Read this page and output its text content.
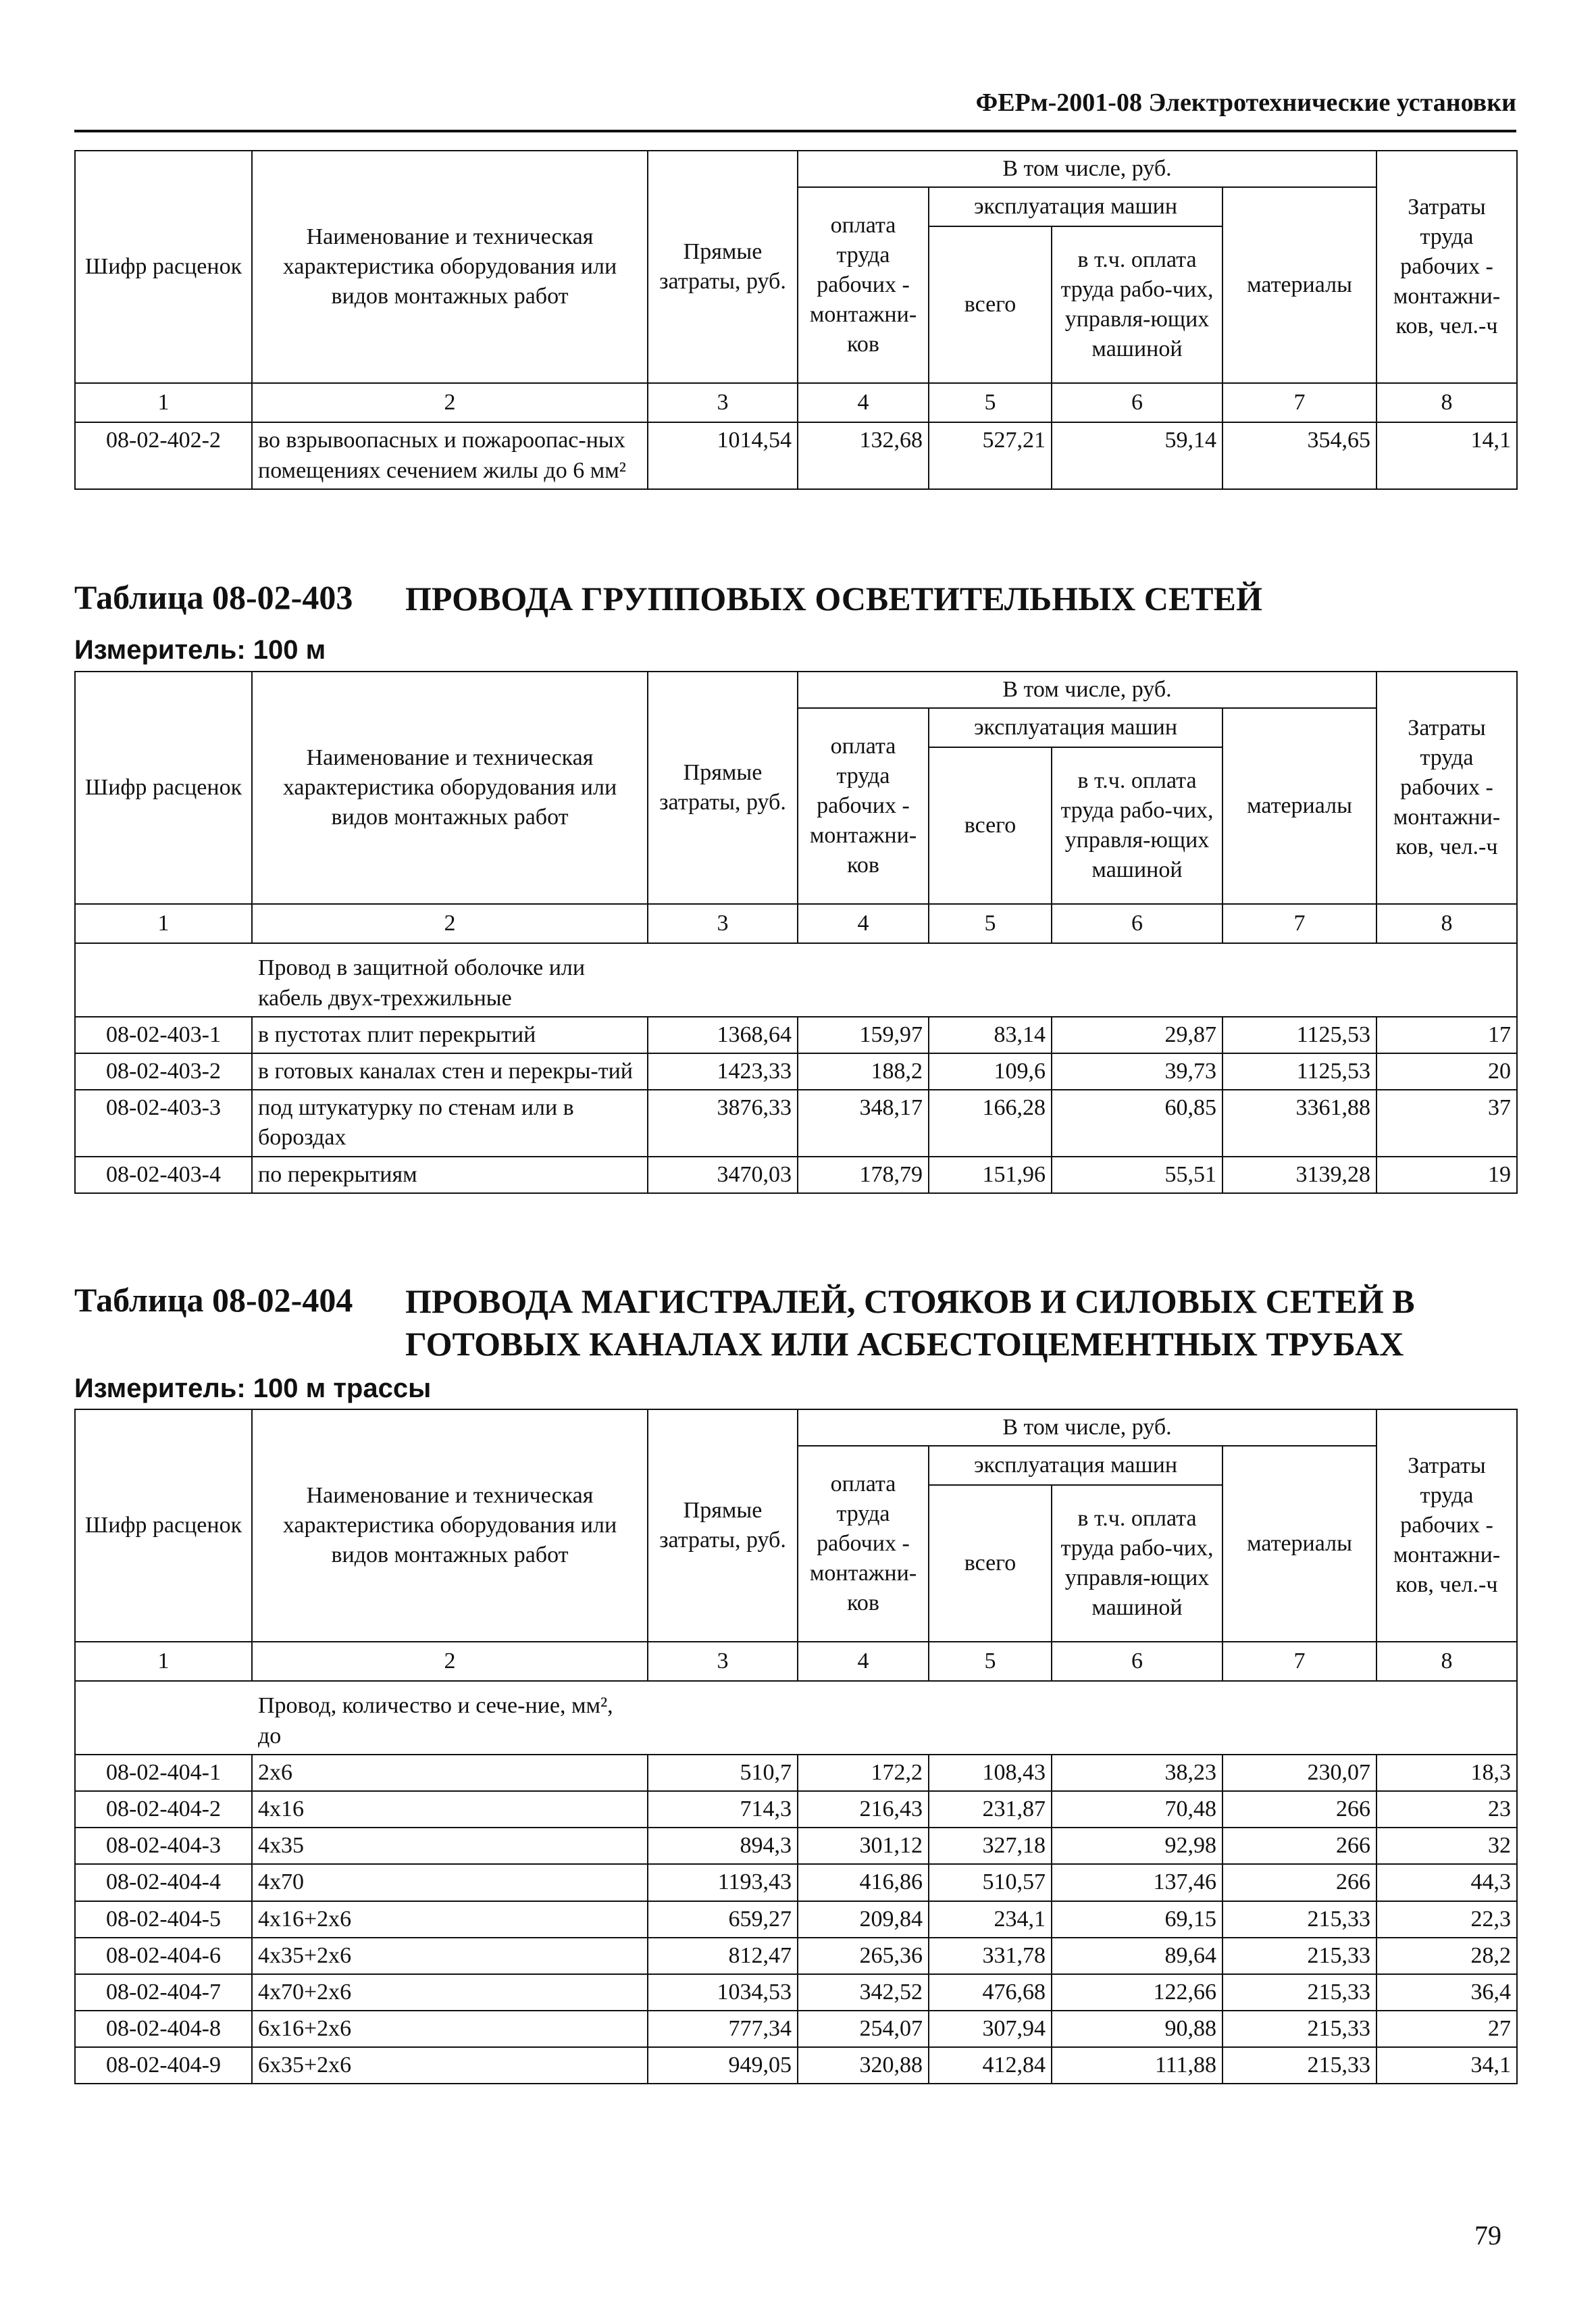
ФЕРм-2001-08 Электротехнические установки
Шифр расценок	Наименование и техническая характеристика оборудования или видов монтажных работ	Прямые затраты, руб.	В том числе, руб.				Затраты труда рабочих - монтажни-ков, чел.-ч
			оплата труда рабочих - монтажни-ков	эксплуатация машин		материалы	
				всего	в т.ч. оплата труда рабо-чих, управля-ющих машиной		
1	2	3	4	5	6	7	8
08-02-402-2	во взрывоопасных и пожароопас-ных помещениях сечением жилы до 6 мм²	1014,54	132,68	527,21	59,14	354,65	14,1
Таблица 08-02-403 ПРОВОДА ГРУППОВЫХ ОСВЕТИТЕЛЬНЫХ СЕТЕЙ
Измеритель: 100 м
Шифр расценок	Наименование и техническая характеристика оборудования или видов монтажных работ	Прямые затраты, руб.	В том числе, руб.				Затраты труда рабочих - монтажни-ков, чел.-ч
			оплата труда рабочих - монтажни-ков	эксплуатация машин		материалы	
				всего	в т.ч. оплата труда рабо-чих, управля-ющих машиной		
1	2	3	4	5	6	7	8

Провод в защитной оболочке или кабель двух-трехжильные							

08-02-403-1	в пустотах плит перекрытий	1368,64	159,97	83,14	29,87	1125,53	17
08-02-403-2	в готовых каналах стен и перекры-тий	1423,33	188,2	109,6	39,73	1125,53	20
08-02-403-3	под штукатурку по стенам или в бороздах	3876,33	348,17	166,28	60,85	3361,88	37
08-02-403-4	по перекрытиям	3470,03	178,79	151,96	55,51	3139,28	19
Таблица 08-02-404 ПРОВОДА МАГИСТРАЛЕЙ, СТОЯКОВ И СИЛОВЫХ СЕТЕЙ В ГОТОВЫХ КАНАЛАХ ИЛИ АСБЕСТОЦЕМЕНТНЫХ ТРУБАХ
Измеритель: 100 м трассы
Шифр расценок	Наименование и техническая характеристика оборудования или видов монтажных работ	Прямые затраты, руб.	В том числе, руб.				Затраты труда рабочих - монтажни-ков, чел.-ч
			оплата труда рабочих - монтажни-ков	эксплуатация машин		материалы	
				всего	в т.ч. оплата труда рабо-чих, управля-ющих машиной		
1	2	3	4	5	6	7	8

Провод, количество и сече-ние, мм², до							

08-02-404-1	2x6	510,7	172,2	108,43	38,23	230,07	18,3
08-02-404-2	4x16	714,3	216,43	231,87	70,48	266	23
08-02-404-3	4x35	894,3	301,12	327,18	92,98	266	32
08-02-404-4	4x70	1193,43	416,86	510,57	137,46	266	44,3
08-02-404-5	4x16+2x6	659,27	209,84	234,1	69,15	215,33	22,3
08-02-404-6	4x35+2x6	812,47	265,36	331,78	89,64	215,33	28,2
08-02-404-7	4x70+2x6	1034,53	342,52	476,68	122,66	215,33	36,4
08-02-404-8	6x16+2x6	777,34	254,07	307,94	90,88	215,33	27
08-02-404-9	6x35+2x6	949,05	320,88	412,84	111,88	215,33	34,1
79
